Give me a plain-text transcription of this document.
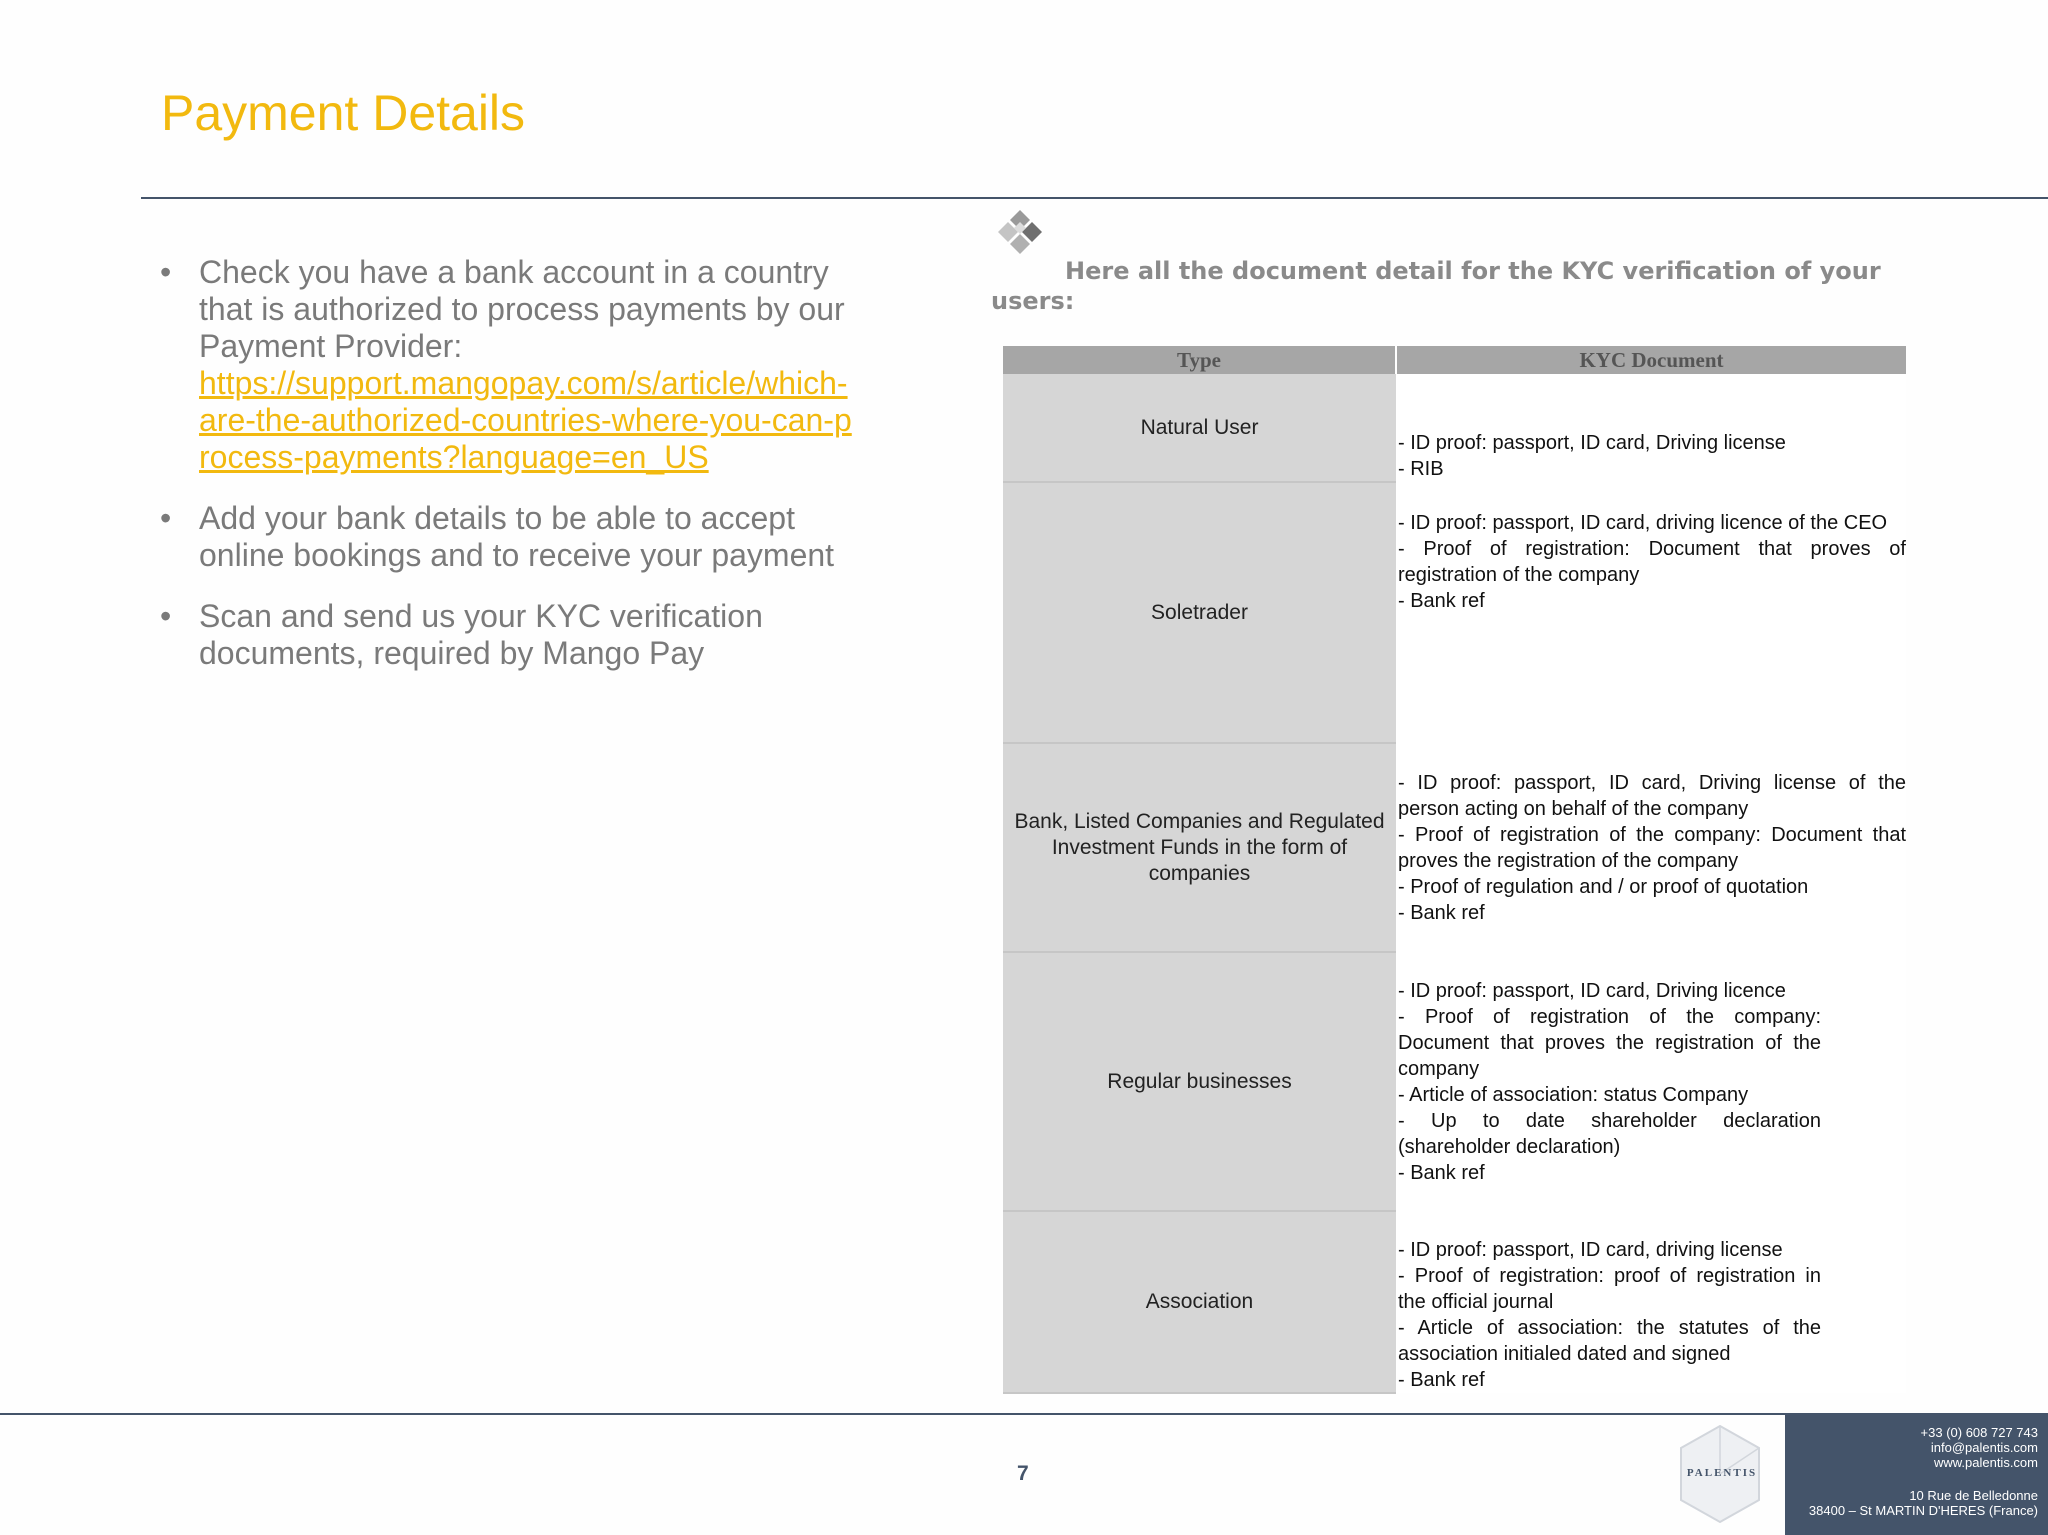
Payment Details
• Check you have a bank account in a country that is authorized to process payments by our Payment Provider:
https://support.mangopay.com/s/article/which-are-the-authorized-countries-where-you-can-process-payments?language=en_US
• Add your bank details to be able to accept online bookings and to receive your payment
• Scan and send us your KYC verification documents, required by Mango Pay
Here all the document detail for the KYC verification of your

users:
Type	KYC Document
Natural User	- ID proof: passport, ID card, Driving license
- RIB

Soletrader	- ID proof: passport, ID card, driving licence of the CEO
- Proof of registration: Document that proves of registration of the company
- Bank ref

Bank, Listed Companies and Regulated Investment Funds in the form of companies	- ID proof: passport, ID card, Driving license of the person acting on behalf of the company
- Proof of registration of the company: Document that proves the registration of the company
- Proof of regulation and / or proof of quotation
- Bank ref

Regular businesses	- ID proof: passport, ID card, Driving licence
- Proof of registration of the company: Document that proves the registration of the company
- Article of association: status Company
- Up to date shareholder declaration (shareholder declaration)
- Bank ref

Association	- ID proof: passport, ID card, driving license
- Proof of registration: proof of registration in the official journal
- Article of association: the statutes of the association initialed dated and signed
- Bank ref
7	PALENTIS
+33 (0) 608 727 743
info@palentis.com
www.palentis.com
10 Rue de Belledonne
38400 – St MARTIN D'HERES (France)
